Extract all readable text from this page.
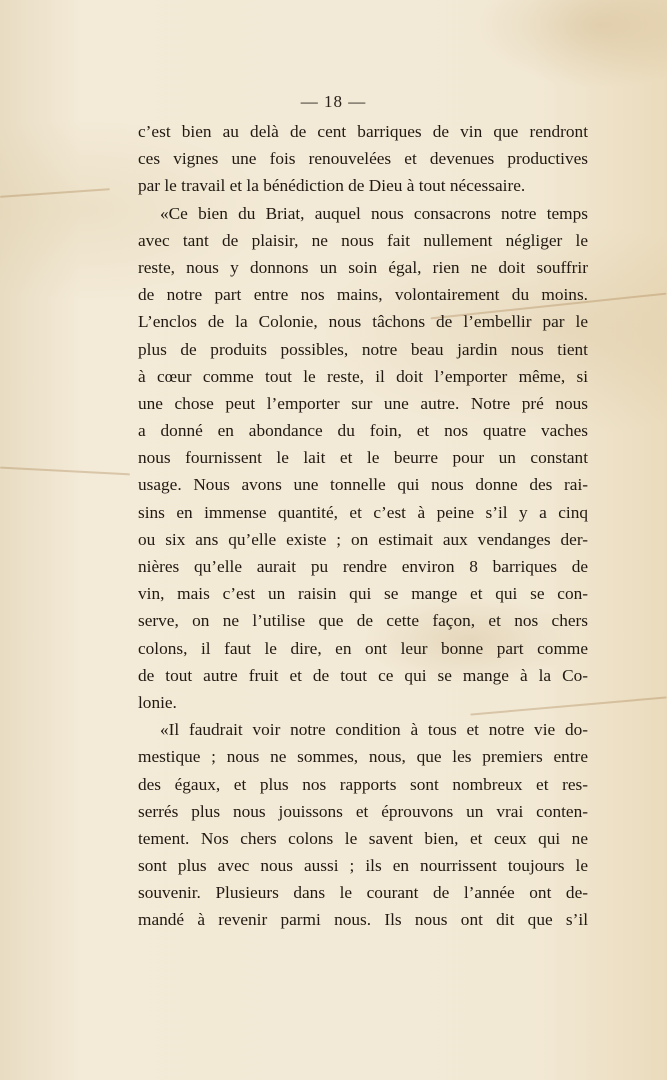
— 18 —
c’est bien au delà de cent barriques de vin que rendront
ces vignes une fois renouvelées et devenues productives
par le travail et la bénédiction de Dieu à tout nécessaire.
«Ce bien du Briat, auquel nous consacrons notre temps
avec tant de plaisir, ne nous fait nullement négliger le
reste, nous y donnons un soin égal, rien ne doit souffrir
de notre part entre nos mains, volontairement du moins.
L’enclos de la Colonie, nous tâchons de l’embellir par le
plus de produits possibles, notre beau jardin nous tient
à cœur comme tout le reste, il doit l’emporter même, si
une chose peut l’emporter sur une autre. Notre pré nous
a donné en abondance du foin, et nos quatre vaches
nous fournissent le lait et le beurre pour un constant
usage. Nous avons une tonnelle qui nous donne des rai-
sins en immense quantité, et c’est à peine s’il y a cinq
ou six ans qu’elle existe ; on estimait aux vendanges der-
nières qu’elle aurait pu rendre environ 8 barriques de
vin, mais c’est un raisin qui se mange et qui se con-
serve, on ne l’utilise que de cette façon, et nos chers
colons, il faut le dire, en ont leur bonne part comme
de tout autre fruit et de tout ce qui se mange à la Co-
lonie.
«Il faudrait voir notre condition à tous et notre vie do-
mestique ; nous ne sommes, nous, que les premiers entre
des égaux, et plus nos rapports sont nombreux et res-
serrés plus nous jouissons et éprouvons un vrai conten-
tement. Nos chers colons le savent bien, et ceux qui ne
sont plus avec nous aussi ; ils en nourrissent toujours le
souvenir. Plusieurs dans le courant de l’année ont de-
mandé à revenir parmi nous. Ils nous ont dit que s’il
